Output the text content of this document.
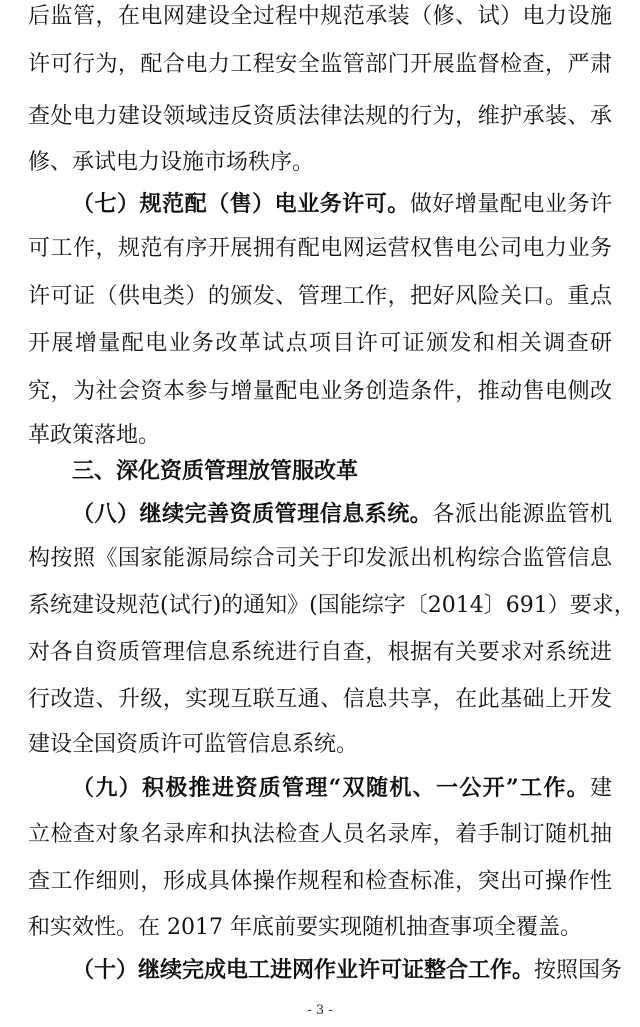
后监管，在电网建设全过程中规范承装（修、试）电力设施
许可行为，配合电力工程安全监管部门开展监督检查，严肃
查处电力建设领域违反资质法律法规的行为，维护承装、承
修、承试电力设施市场秩序。
（七）规范配（售）电业务许可。做好增量配电业务许
可工作，规范有序开展拥有配电网运营权售电公司电力业务
许可证（供电类）的颁发、管理工作，把好风险关口。重点
开展增量配电业务改革试点项目许可证颁发和相关调查研
究，为社会资本参与增量配电业务创造条件，推动售电侧改
革政策落地。
三、深化资质管理放管服改革
（八）继续完善资质管理信息系统。各派出能源监管机
构按照《国家能源局综合司关于印发派出机构综合监管信息
系统建设规范(试行)的通知》(国能综字〔2014〕691）要求，
对各自资质管理信息系统进行自查，根据有关要求对系统进
行改造、升级，实现互联互通、信息共享，在此基础上开发
建设全国资质许可监管信息系统。
（九）积极推进资质管理“双随机、一公开”工作。建
立检查对象名录库和执法检查人员名录库，着手制订随机抽
查工作细则，形成具体操作规程和检查标准，突出可操作性
和实效性。在 2017 年底前要实现随机抽查事项全覆盖。
（十）继续完成电工进网作业许可证整合工作。按照国务
- 3 -
